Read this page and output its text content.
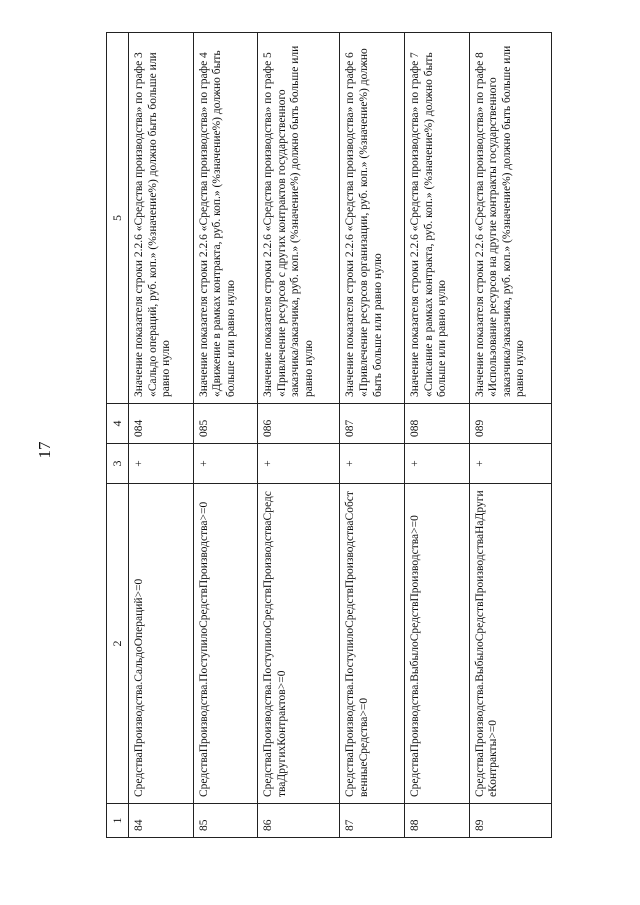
17
1	2	3	4	5
84	СредстваПроизводства.СальдоОпераций>=0	+	084	Значение показателя строки 2.2.6 «Средства производства» по графе 3 «Сальдо операций, руб. коп.» (%значение%) должно быть больше или равно нулю
85	СредстваПроизводства.ПоступилоСредствПроизводства>=0	+	085	Значение показателя строки 2.2.6 «Средства производства» по графе 4 «Движение в рамках контракта, руб. коп.» (%значение%) должно быть больше или равно нулю
86	СредстваПроизводства.ПоступилоСредствПроизводстваСредстваДругихКонтрактов>=0	+	086	Значение показателя строки 2.2.6 «Средства производства» по графе 5 «Привлечение ресурсов с других контрактов государственного заказчика/заказчика, руб. коп.» (%значение%) должно быть больше или равно нулю
87	СредстваПроизводства.ПоступилоСредствПроизводстваСобственныеСредства>=0	+	087	Значение показателя строки 2.2.6 «Средства производства» по графе 6 «Привлечение ресурсов организации, руб. коп.» (%значение%) должно быть больше или равно нулю
88	СредстваПроизводства.ВыбылоСредствПроизводства>=0	+	088	Значение показателя строки 2.2.6 «Средства производства» по графе 7 «Списание в рамках контракта, руб. коп.» (%значение%) должно быть больше или равно нулю
89	СредстваПроизводства.ВыбылоСредствПроизводстваНаДругиеКонтракты>=0	+	089	Значение показателя строки 2.2.6 «Средства производства» по графе 8 «Использование ресурсов на другие контракты государственного заказчика/заказчика, руб. коп.» (%значение%) должно быть больше или равно нулю
